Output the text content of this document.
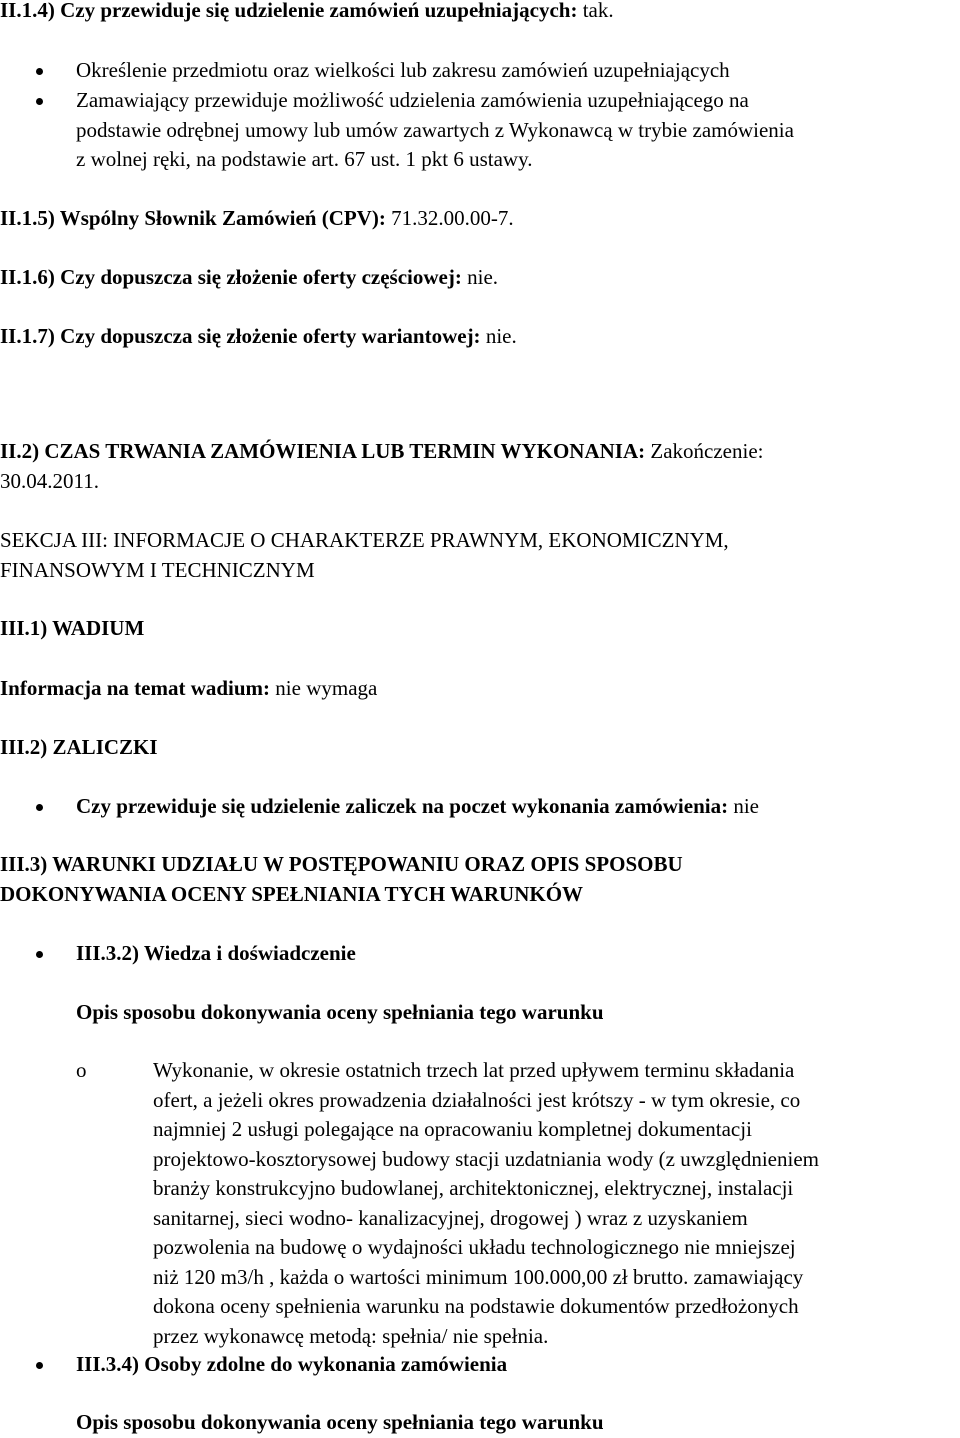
II.1.4) Czy przewiduje się udzielenie zamówień uzupełniających: tak.
Określenie przedmiotu oraz wielkości lub zakresu zamówień uzupełniających
Zamawiający przewiduje możliwość udzielenia zamówienia uzupełniającego na
podstawie odrębnej umowy lub umów zawartych z Wykonawcą w trybie zamówienia
z wolnej ręki, na podstawie art. 67 ust. 1 pkt 6 ustawy.
II.1.5) Wspólny Słownik Zamówień (CPV): 71.32.00.00-7.
II.1.6) Czy dopuszcza się złożenie oferty częściowej: nie.
II.1.7) Czy dopuszcza się złożenie oferty wariantowej: nie.
II.2) CZAS TRWANIA ZAMÓWIENIA LUB TERMIN WYKONANIA: Zakończenie:
30.04.2011.
SEKCJA III: INFORMACJE O CHARAKTERZE PRAWNYM, EKONOMICZNYM,
FINANSOWYM I TECHNICZNYM
III.1) WADIUM
Informacja na temat wadium: nie wymaga
III.2) ZALICZKI
Czy przewiduje się udzielenie zaliczek na poczet wykonania zamówienia: nie
III.3) WARUNKI UDZIAŁU W POSTĘPOWANIU ORAZ OPIS SPOSOBU
DOKONYWANIA OCENY SPEŁNIANIA TYCH WARUNKÓW
III.3.2) Wiedza i doświadczenie
Opis sposobu dokonywania oceny spełniania tego warunku
o	Wykonanie, w okresie ostatnich trzech lat przed upływem terminu składania
ofert, a jeżeli okres prowadzenia działalności jest krótszy - w tym okresie, co
najmniej 2 usługi polegające na opracowaniu kompletnej dokumentacji
projektowo-kosztorysowej budowy stacji uzdatniania wody (z uwzględnieniem
branży konstrukcyjno budowlanej, architektonicznej, elektrycznej, instalacji
sanitarnej, sieci wodno- kanalizacyjnej, drogowej ) wraz z uzyskaniem
pozwolenia na budowę o wydajności układu technologicznego nie mniejszej
niż 120 m3/h , każda o wartości minimum 100.000,00 zł brutto. zamawiający
dokona oceny spełnienia warunku na podstawie dokumentów przedłożonych
przez wykonawcę metodą: spełnia/ nie spełnia.
III.3.4) Osoby zdolne do wykonania zamówienia
Opis sposobu dokonywania oceny spełniania tego warunku
